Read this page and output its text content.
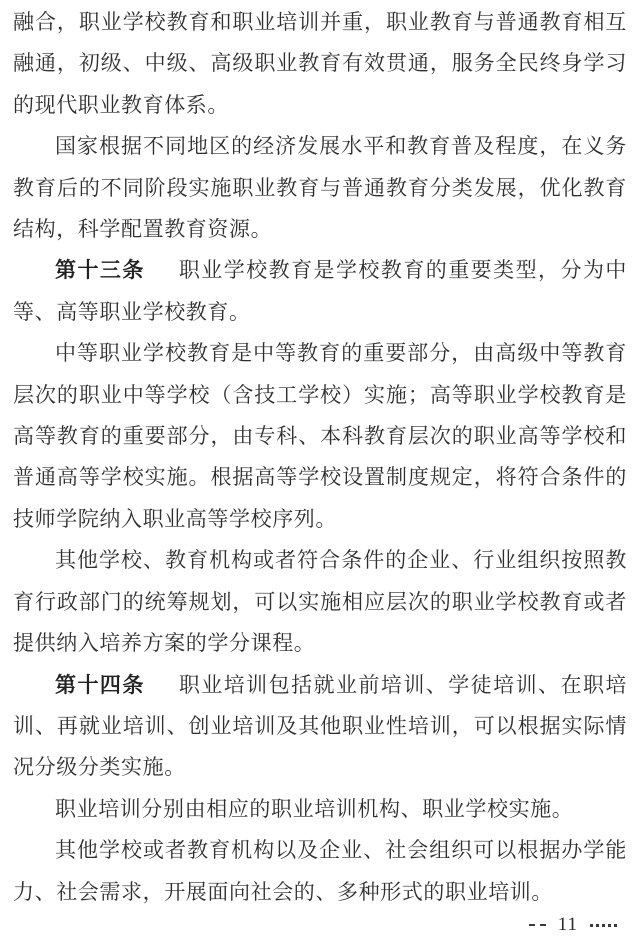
融合，职业学校教育和职业培训并重，职业教育与普通教育相互融通，初级、中级、高级职业教育有效贯通，服务全民终身学习的现代职业教育体系。

国家根据不同地区的经济发展水平和教育普及程度，在义务教育后的不同阶段实施职业教育与普通教育分类发展，优化教育结构，科学配置教育资源。

第十三条 职业学校教育是学校教育的重要类型，分为中等、高等职业学校教育。

中等职业学校教育是中等教育的重要部分，由高级中等教育层次的职业中等学校（含技工学校）实施；高等职业学校教育是高等教育的重要部分，由专科、本科教育层次的职业高等学校和普通高等学校实施。根据高等学校设置制度规定，将符合条件的技师学院纳入职业高等学校序列。

其他学校、教育机构或者符合条件的企业、行业组织按照教育行政部门的统筹规划，可以实施相应层次的职业学校教育或者提供纳入培养方案的学分课程。

第十四条 职业培训包括就业前培训、学徒培训、在职培训、再就业培训、创业培训及其他职业性培训，可以根据实际情况分级分类实施。

职业培训分别由相应的职业培训机构、职业学校实施。

其他学校或者教育机构以及企业、社会组织可以根据办学能力、社会需求，开展面向社会的、多种形式的职业培训。

11
